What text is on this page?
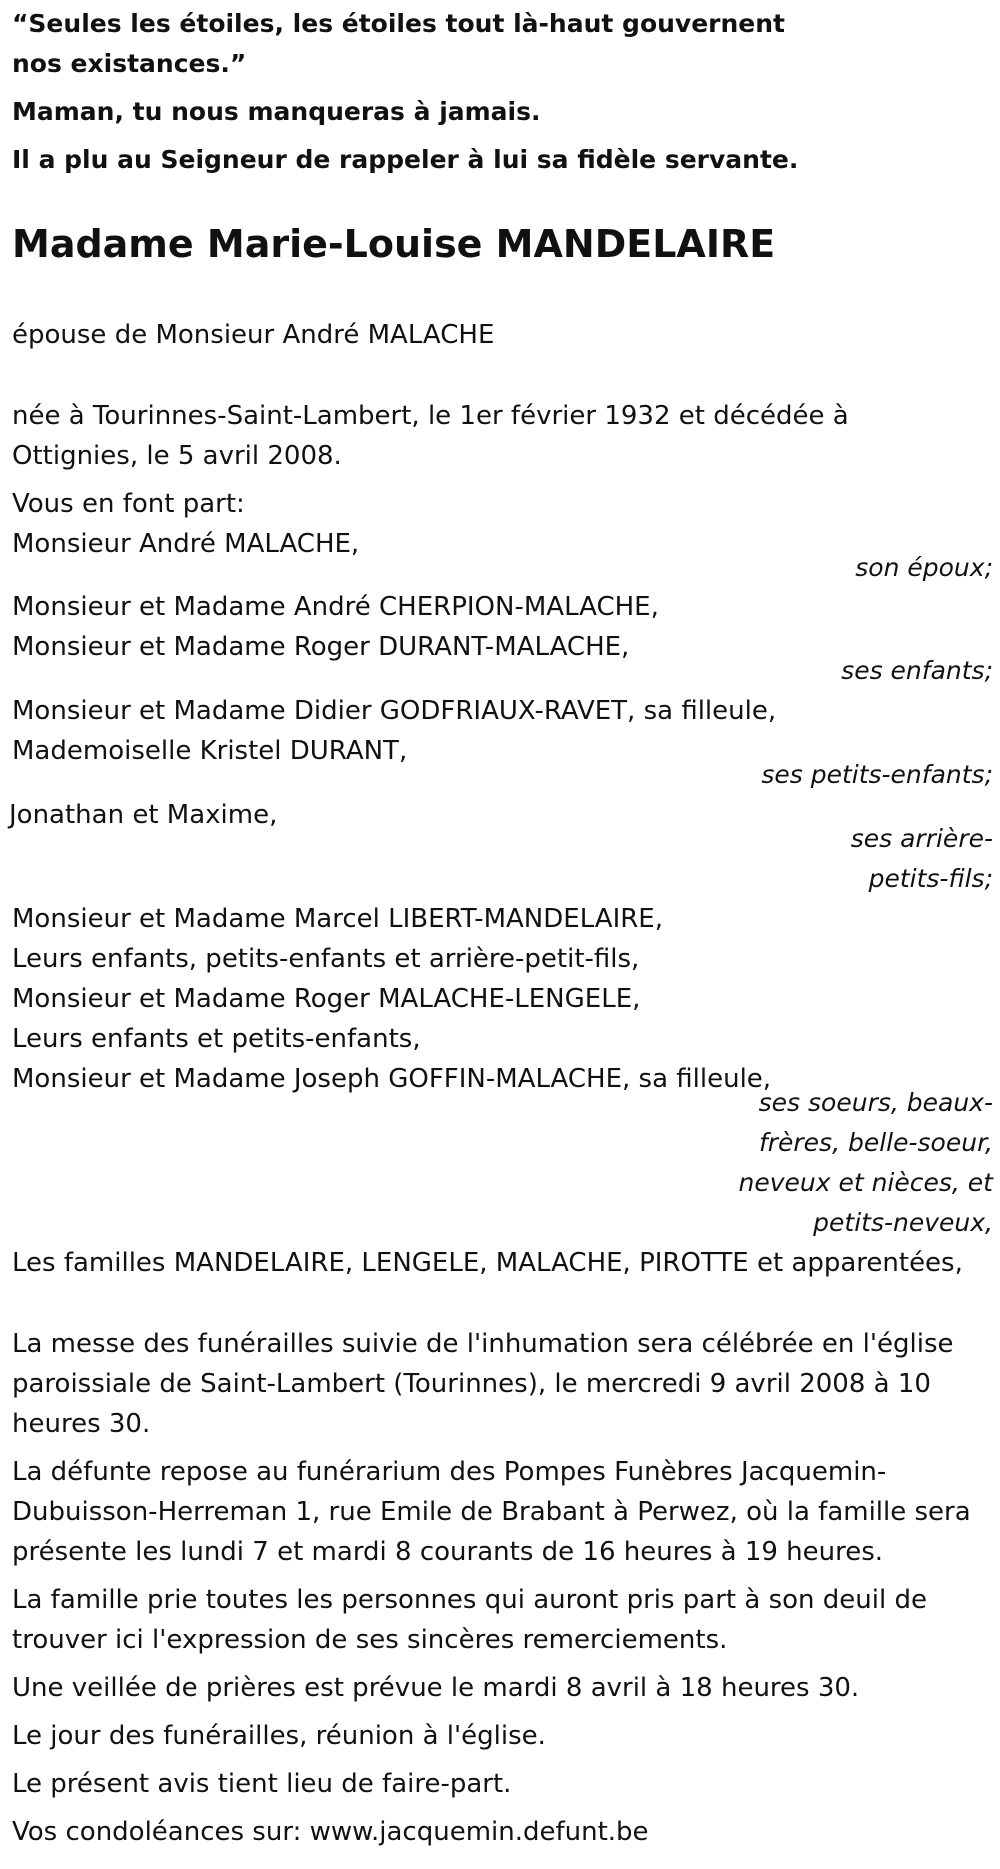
“Seules les étoiles, les étoiles tout là-haut gouvernent nos existances.”

Maman, tu nous manqueras à jamais.

Il a plu au Seigneur de rappeler à lui sa fidèle servante.

Madame Marie-Louise MANDELAIRE

épouse de Monsieur André MALACHE

née à Tourinnes-Saint-Lambert, le 1er février 1932 et décédée à Ottignies, le 5 avril 2008.

Vous en font part:

Monsieur André MALACHE,

son époux;

Monsieur et Madame André CHERPION-MALACHE,

Monsieur et Madame Roger DURANT-MALACHE,

ses enfants;

Monsieur et Madame Didier GODFRIAUX-RAVET, sa filleule,

Mademoiselle Kristel DURANT,

ses petits-enfants;

Jonathan et Maxime,

ses arrière-petits-fils;

Monsieur et Madame Marcel LIBERT-MANDELAIRE,

Leurs enfants, petits-enfants et arrière-petit-fils,

Monsieur et Madame Roger MALACHE-LENGELE,

Leurs enfants et petits-enfants,

Monsieur et Madame Joseph GOFFIN-MALACHE, sa filleule,

ses soeurs, beaux-frères, belle-soeur, neveux et nièces, et petits-neveux,

Les familles MANDELAIRE, LENGELE, MALACHE, PIROTTE et apparentées,

La messe des funérailles suivie de l'inhumation sera célébrée en l'église paroissiale de Saint-Lambert (Tourinnes), le mercredi 9 avril 2008 à 10 heures 30.

La défunte repose au funérarium des Pompes Funèbres Jacquemin-Dubuisson-Herreman 1, rue Emile de Brabant à Perwez, où la famille sera présente les lundi 7 et mardi 8 courants de 16 heures à 19 heures.

La famille prie toutes les personnes qui auront pris part à son deuil de trouver ici l'expression de ses sincères remerciements.

Une veillée de prières est prévue le mardi 8 avril à 18 heures 30.

Le jour des funérailles, réunion à l'église.

Le présent avis tient lieu de faire-part.

Vos condoléances sur: www.jacquemin.defunt.be
